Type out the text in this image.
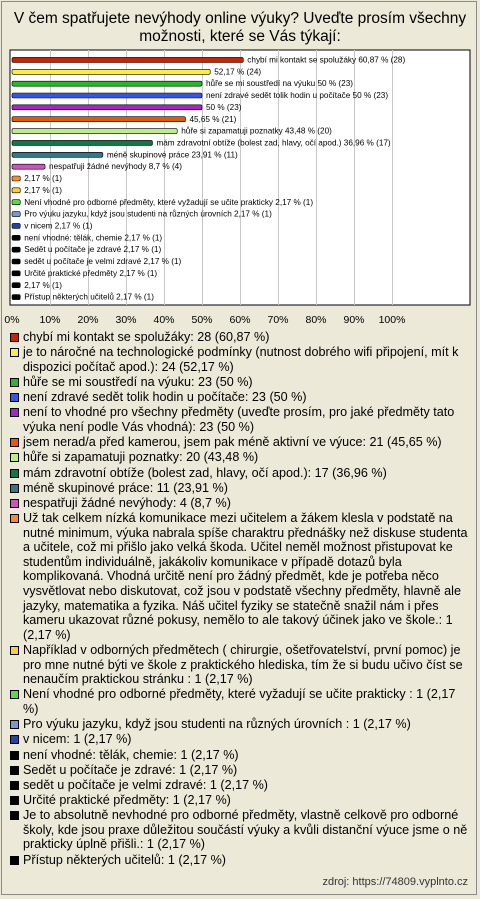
V čem spatřujete nevýhody online výuky? Uveďte prosím všechny
možnosti, které se Vás týkají:
chybí mi kontakt se spolužáky 60,87 % (28)
52,17 % (24)
hůře se mi soustředí na výuku 50 % (23)
není zdravé sedět tolik hodin u počítače 50 % (23)
50 % (23)
45,65 % (21)
hůře si zapamatuji poznatky 43,48 % (20)
mám zdravotní obtíže (bolest zad, hlavy, očí apod.) 36,96 % (17)
méně skupinové práce 23,91 % (11)
nespatřuji žádné nevýhody 8,7 % (4)
2,17 % (1)
2,17 % (1)
Není vhodné pro odborné předměty, které vyžadují se učite prakticky 2,17 % (1)
Pro výuku jazyku, když jsou studenti na různých úrovních 2,17 % (1)
v nicem 2,17 % (1)
není vhodné: tělák, chemie 2,17 % (1)
Sedět u počítače je zdravé 2,17 % (1)
sedět u počítače je velmi zdravé 2,17 % (1)
Určité praktické předměty 2,17 % (1)
2,17 % (1)
Přístup některých učitelů 2,17 % (1)
0% 10% 20% 30% 40% 50% 60% 70% 80% 90% 100%
chybí mi kontakt se spolužáky: 28 (60,87 %)
je to náročné na technologické podmínky (nutnost dobrého wifi připojení, mít k dispozici počítač apod.): 24 (52,17 %)
hůře se mi soustředí na výuku: 23 (50 %)
není zdravé sedět tolik hodin u počítače: 23 (50 %)
není to vhodné pro všechny předměty (uveďte prosím, pro jaké předměty tato výuka není podle Vás vhodná): 23 (50 %)
jsem nerad/a před kamerou, jsem pak méně aktivní ve výuce: 21 (45,65 %)
hůře si zapamatuji poznatky: 20 (43,48 %)
mám zdravotní obtíže (bolest zad, hlavy, očí apod.): 17 (36,96 %)
méně skupinové práce: 11 (23,91 %)
nespatřuji žádné nevýhody: 4 (8,7 %)
Už tak celkem nízká komunikace mezi učitelem a žákem klesla v podstatě na nutné minimum, výuka nabrala spíše charaktru přednášky než diskuse studenta a učitele, což mi přišlo jako velká škoda. Učitel neměl možnost přistupovat ke studentům individuálně, jakákoliv komunikace v případě dotazů byla komplikovaná. Vhodná určitě není pro žádný předmět, kde je potřeba něco vysvětlovat nebo diskutovat, což jsou v podstatě všechny předměty, hlavně ale jazyky, matematika a fyzika. Náš učitel fyziky se statečně snažil nám i přes kameru ukazovat různé pokusy, nemělo to ale takový účinek jako ve škole.: 1 (2,17 %)
Například v odborných předmětech ( chirurgie, ošetřovatelství, první pomoc) je pro mne nutné býti ve škole z praktického hlediska, tím že si budu učivo číst se nenaučím praktickou stránku : 1 (2,17 %)
Není vhodné pro odborné předměty, které vyžadují se učite prakticky : 1 (2,17 %)
Pro výuku jazyku, když jsou studenti na různých úrovních : 1 (2,17 %)
v nicem: 1 (2,17 %)
není vhodné: tělák, chemie: 1 (2,17 %)
Sedět u počítače je zdravé: 1 (2,17 %)
sedět u počítače je velmi zdravé: 1 (2,17 %)
Určité praktické předměty: 1 (2,17 %)
Je to absolutně nevhodné pro odborné předměty, vlastně celkově pro odborné školy, kde jsou praxe důležitou součástí výuky a kvůli distanční výuce jsme o ně prakticky úplně přišli.: 1 (2,17 %)
Přístup některých učitelů: 1 (2,17 %)
zdroj: https://74809.vyplnto.cz
